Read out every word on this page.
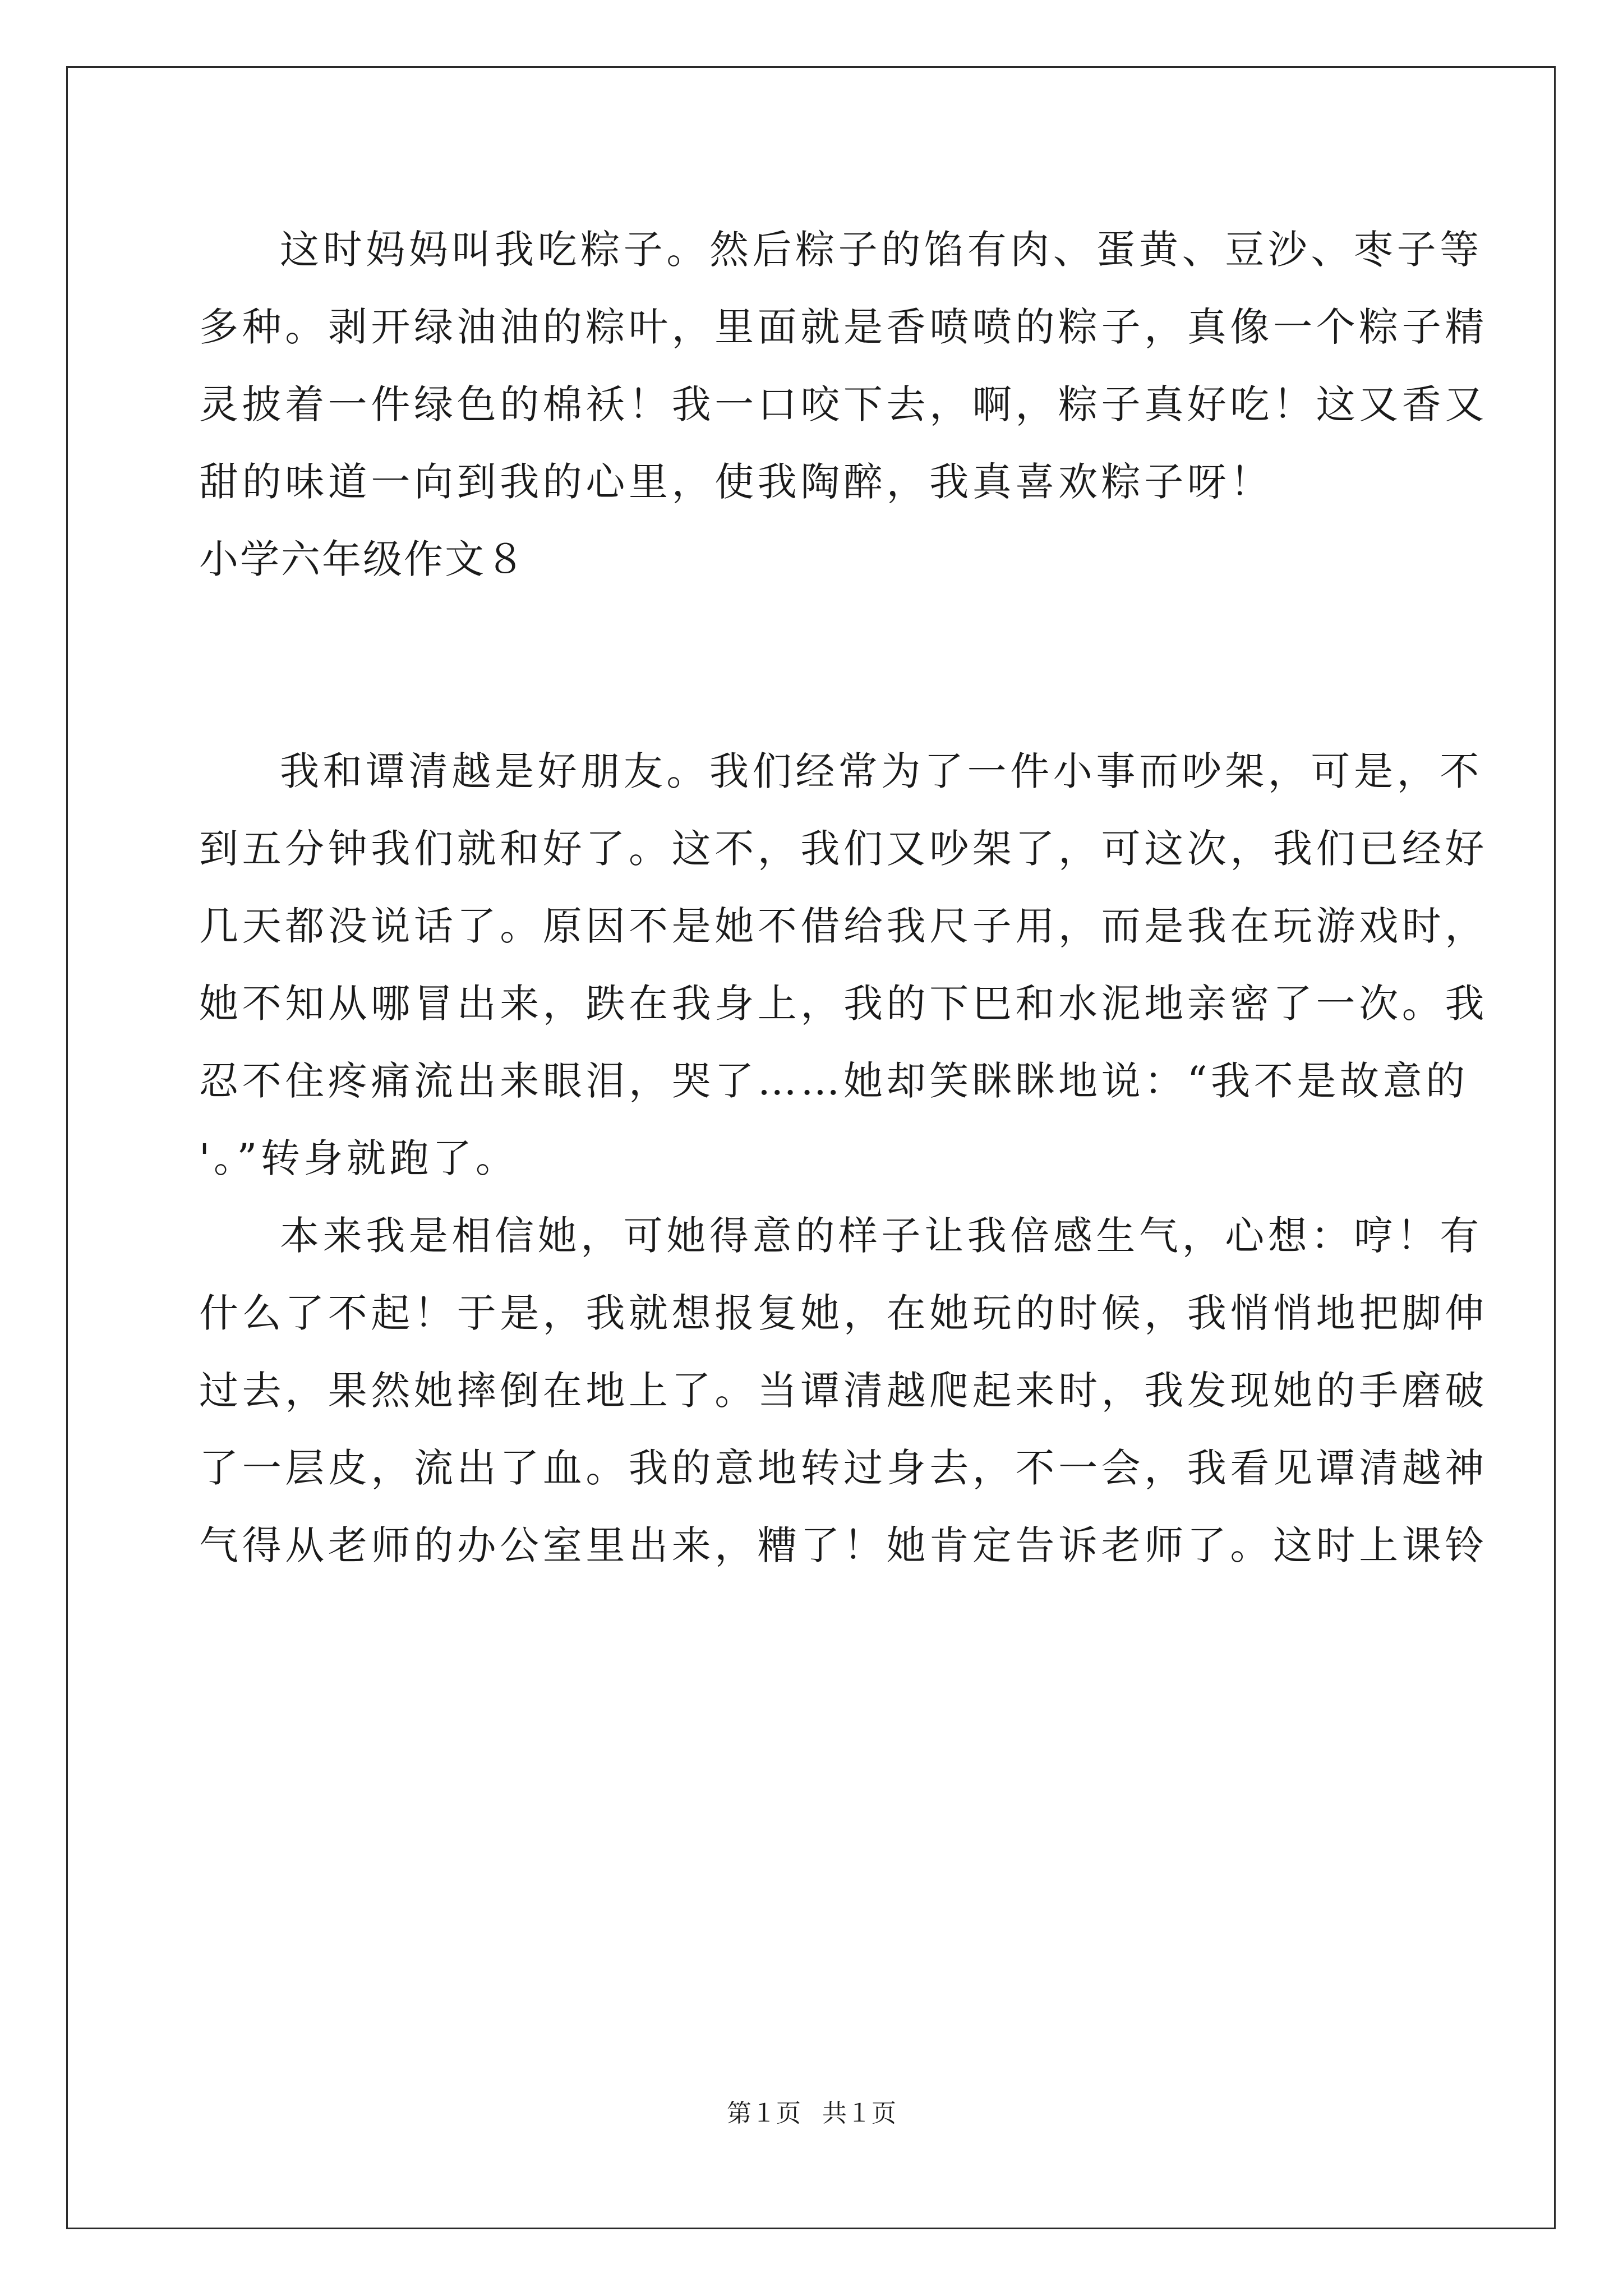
这时妈妈叫我吃粽子。然后粽子的馅有肉、蛋黄、豆沙、枣子等
多种。剥开绿油油的粽叶，里面就是香喷喷的粽子，真像一个粽子精
灵披着一件绿色的棉袄！我一口咬下去，啊，粽子真好吃！这又香又
甜的味道一向到我的心里，使我陶醉，我真喜欢粽子呀！
小学六年级作文８
我和谭清越是好朋友。我们经常为了一件小事而吵架，可是，不
到五分钟我们就和好了。这不，我们又吵架了，可这次，我们已经好
几天都没说话了。原因不是她不借给我尺子用，而是我在玩游戏时，
她不知从哪冒出来，跌在我身上，我的下巴和水泥地亲密了一次。我
忍不住疼痛流出来眼泪，哭了……她却笑眯眯地说：“我不是故意的
'。”转身就跑了。
本来我是相信她，可她得意的样子让我倍感生气，心想：哼！有
什么了不起！于是，我就想报复她，在她玩的时候，我悄悄地把脚伸
过去，果然她摔倒在地上了。当谭清越爬起来时，我发现她的手磨破
了一层皮，流出了血。我的意地转过身去，不一会，我看见谭清越神
气得从老师的办公室里出来，糟了！她肯定告诉老师了。这时上课铃
第１页 共１页
